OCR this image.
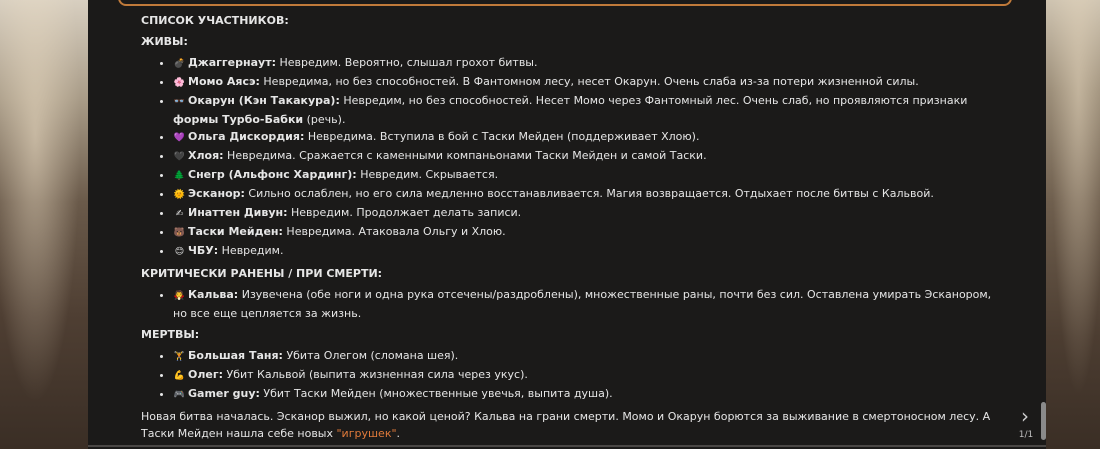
СПИСОК УЧАСТНИКОВ:

ЖИВЫ:

• 💣 Джаггернаут: Невредим. Вероятно, слышал грохот битвы.
• 🌸 Момо Аясэ: Невредима, но без способностей. В Фантомном лесу, несет Окарун. Очень слаба из-за потери жизненной силы.
• 👓 Окарун (Кэн Такакура): Невредим, но без способностей. Несет Момо через Фантомный лес. Очень слаб, но проявляются признаки формы Турбо-Бабки (речь).
• 💜 Ольга Дискордия: Невредима. Вступила в бой с Таски Мейден (поддерживает Хлою).
• 🖤 Хлоя: Невредима. Сражается с каменными компаньонами Таски Мейден и самой Таски.
• 🌲 Снегр (Альфонс Хардинг): Невредим. Скрывается.
• 🌞 Эсканор: Сильно ослаблен, но его сила медленно восстанавливается. Магия возвращается. Отдыхает после битвы с Кальвой.
• ✍ Инаттен Дивун: Невредим. Продолжает делать записи.
• 🐻 Таски Мейден: Невредима. Атаковала Ольгу и Хлою.
• 😊 ЧБУ: Невредим.

КРИТИЧЕСКИ РАНЕНЫ / ПРИ СМЕРТИ:

• 🧛 Кальва: Изувечена (обе ноги и одна рука отсечены/раздроблены), множественные раны, почти без сил. Оставлена умирать Эсканором, но все еще цепляется за жизнь.

МЕРТВЫ:

• 🏋 Большая Таня: Убита Олегом (сломана шея).
• 💪 Олег: Убит Кальвой (выпита жизненная сила через укус).
• 🎮 Gamer guy: Убит Таски Мейден (множественные увечья, выпита душа).

Новая битва началась. Эсканор выжил, но какой ценой? Кальва на грани смерти. Момо и Окарун борются за выживание в смертоносном лесу. А Таски Мейден нашла себе новых "игрушек".

›
1/1
